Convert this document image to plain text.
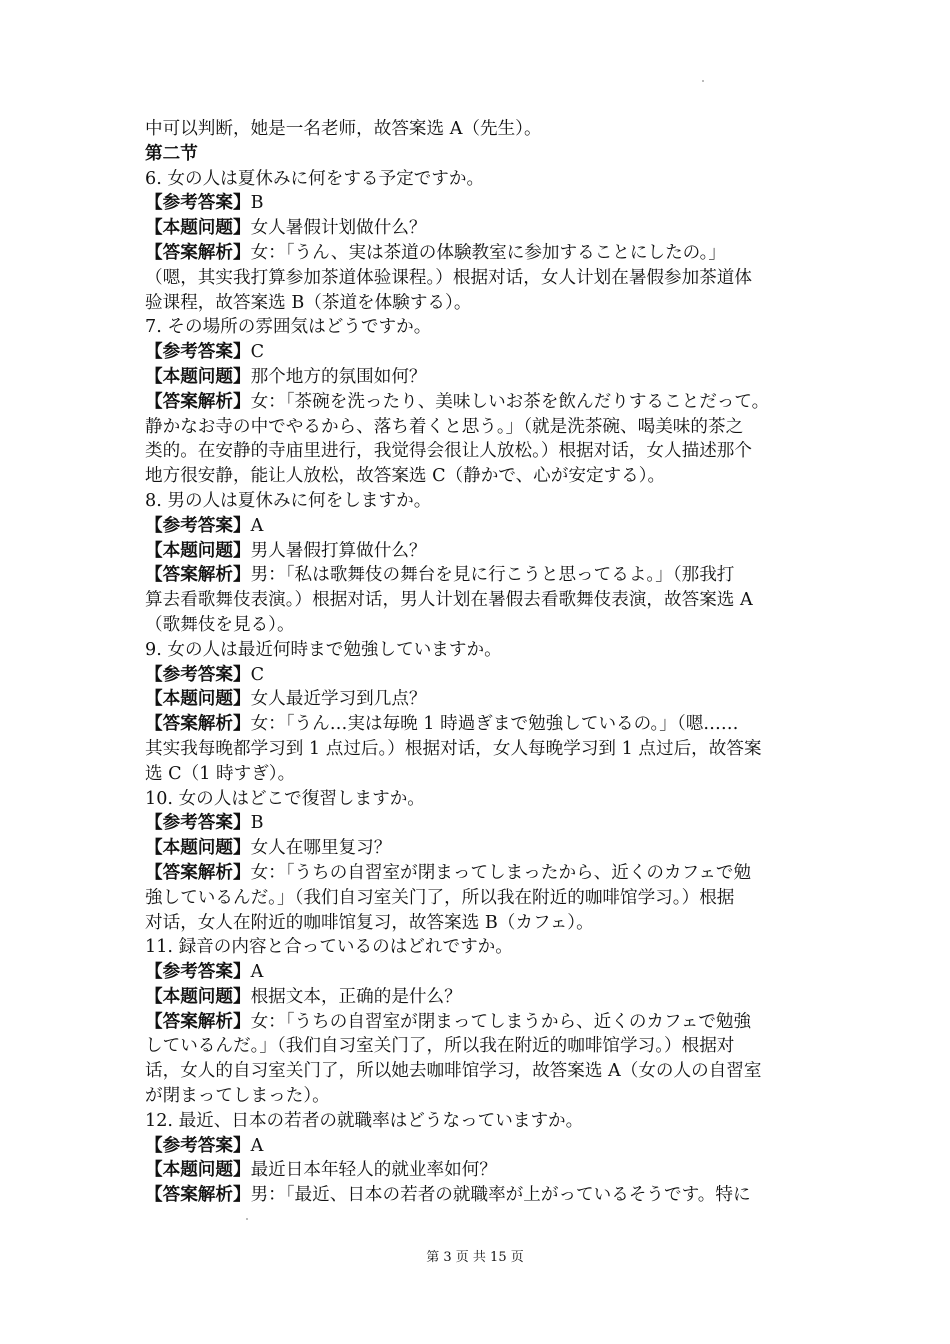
中可以判断，她是一名老师，故答案选 A（先生）。
第二节
6. 女の人は夏休みに何をする予定ですか。
【参考答案】B
【本题问题】女人暑假计划做什么？
【答案解析】女：「うん、実は茶道の体験教室に参加することにしたの。」
（嗯，其实我打算参加茶道体验课程。）根据对话，女人计划在暑假参加茶道体
验课程，故答案选 B（茶道を体験する）。
7. その場所の雰囲気はどうですか。
【参考答案】C
【本题问题】那个地方的氛围如何？
【答案解析】女：「茶碗を洗ったり、美味しいお茶を飲んだりすることだって。
静かなお寺の中でやるから、落ち着くと思う。」（就是洗茶碗、喝美味的茶之
类的。在安静的寺庙里进行，我觉得会很让人放松。）根据对话，女人描述那个
地方很安静，能让人放松，故答案选 C（静かで、心が安定する）。
8. 男の人は夏休みに何をしますか。
【参考答案】A
【本题问题】男人暑假打算做什么？
【答案解析】男：「私は歌舞伎の舞台を見に行こうと思ってるよ。」（那我打
算去看歌舞伎表演。）根据对话，男人计划在暑假去看歌舞伎表演，故答案选 A
（歌舞伎を見る）。
9. 女の人は最近何時まで勉強していますか。
【参考答案】C
【本题问题】女人最近学习到几点？
【答案解析】女：「うん…実は毎晩 1 時過ぎまで勉強しているの。」（嗯……
其实我每晚都学习到 1 点过后。）根据对话，女人每晚学习到 1 点过后，故答案
选 C（1 時すぎ）。
10. 女の人はどこで復習しますか。
【参考答案】B
【本题问题】女人在哪里复习？
【答案解析】女：「うちの自習室が閉まってしまったから、近くのカフェで勉
強しているんだ。」（我们自习室关门了，所以我在附近的咖啡馆学习。）根据
对话，女人在附近的咖啡馆复习，故答案选 B（カフェ）。
11. 録音の内容と合っているのはどれですか。
【参考答案】A
【本题问题】根据文本，正确的是什么？
【答案解析】女：「うちの自習室が閉まってしまうから、近くのカフェで勉強
しているんだ。」（我们自习室关门了，所以我在附近的咖啡馆学习。）根据对
话，女人的自习室关门了，所以她去咖啡馆学习，故答案选 A（女の人の自習室
が閉まってしまった）。
12. 最近、日本の若者の就職率はどうなっていますか。
【参考答案】A
【本题问题】最近日本年轻人的就业率如何？
【答案解析】男：「最近、日本の若者の就職率が上がっているそうです。特に
第 3 页 共 15 页
